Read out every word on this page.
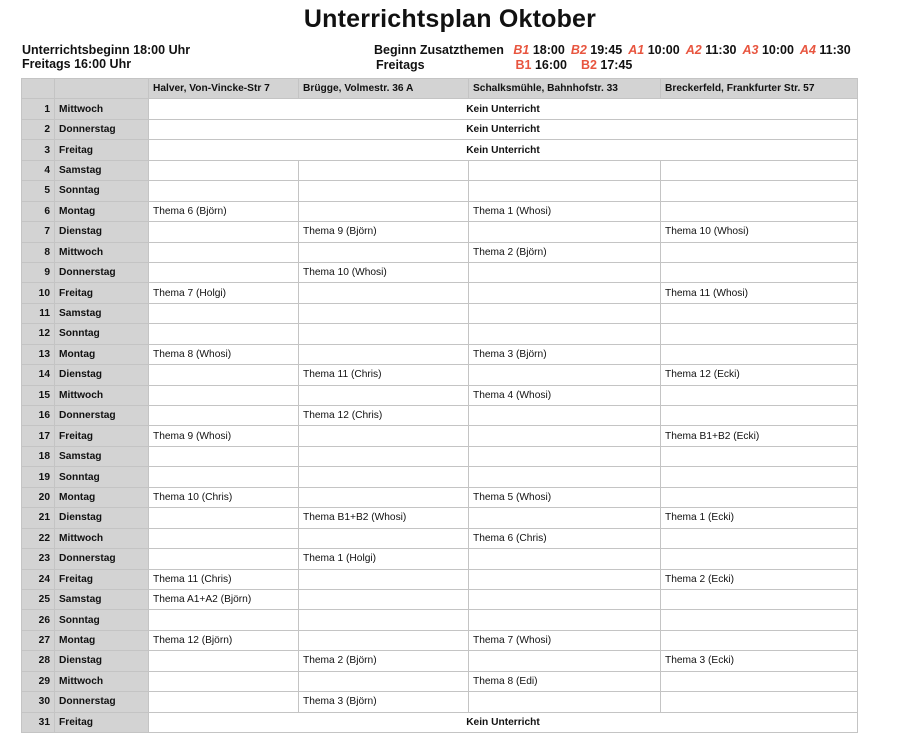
Unterrichtsplan Oktober
Unterrichtsbeginn 18:00 Uhr
Freitags 16:00 Uhr
Beginn Zusatzthemen B1 18:00 B2 19:45 A1 10:00 A2 11:30 A3 10:00 A4 11:30
Freitags	B1 16:00 B2 17:45
		Halver, Von-Vincke-Str 7	Brügge, Volmestr. 36 A	Schalksmühle, Bahnhofstr. 33	Breckerfeld, Frankfurter Str. 57
1	Mittwoch	Kein Unterricht			
2	Donnerstag	Kein Unterricht			
3	Freitag	Kein Unterricht			
4	Samstag				
5	Sonntag				
6	Montag	Thema 6 (Björn)		Thema 1 (Whosi)	
7	Dienstag		Thema 9 (Björn)		Thema 10 (Whosi)
8	Mittwoch			Thema 2 (Björn)	
9	Donnerstag		Thema 10 (Whosi)		
10	Freitag	Thema 7 (Holgi)			Thema 11 (Whosi)
11	Samstag				
12	Sonntag				
13	Montag	Thema 8 (Whosi)		Thema 3 (Björn)	
14	Dienstag		Thema 11 (Chris)		Thema 12 (Ecki)
15	Mittwoch			Thema 4 (Whosi)	
16	Donnerstag		Thema 12 (Chris)		
17	Freitag	Thema 9 (Whosi)			Thema B1+B2 (Ecki)
18	Samstag				
19	Sonntag				
20	Montag	Thema 10 (Chris)		Thema 5 (Whosi)	
21	Dienstag		Thema B1+B2 (Whosi)		Thema 1 (Ecki)
22	Mittwoch			Thema 6 (Chris)	
23	Donnerstag		Thema 1 (Holgi)		
24	Freitag	Thema 11 (Chris)			Thema 2 (Ecki)
25	Samstag	Thema A1+A2 (Björn)			
26	Sonntag				
27	Montag	Thema 12 (Björn)		Thema 7 (Whosi)	
28	Dienstag		Thema 2 (Björn)		Thema 3 (Ecki)
29	Mittwoch			Thema 8 (Edi)	
30	Donnerstag		Thema 3 (Björn)		
31	Freitag	Kein Unterricht			
